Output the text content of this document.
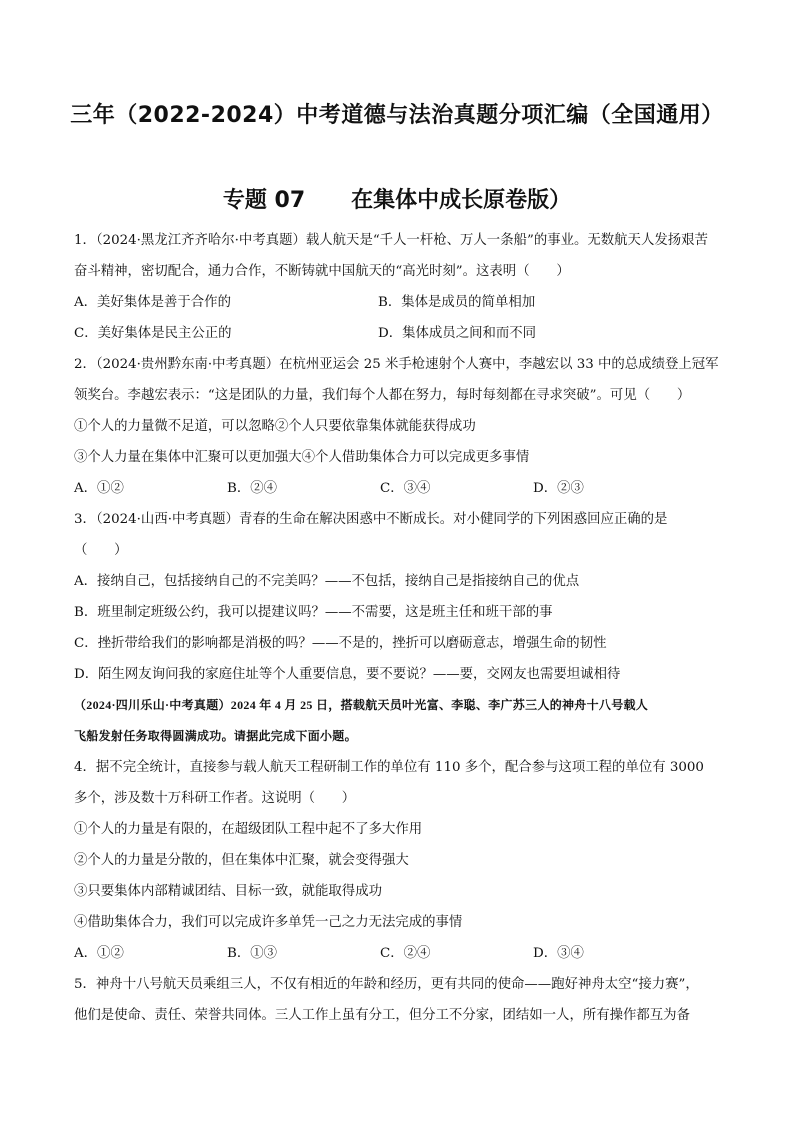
三年（2022-2024）中考道德与法治真题分项汇编（全国通用）
专题 07      在集体中成长原卷版）
1．（2024·黑龙江齐齐哈尔·中考真题）载人航天是“千人一杆枪、万人一条船”的事业。无数航天人发扬艰苦
奋斗精神，密切配合，通力合作，不断铸就中国航天的“高光时刻”。这表明（　　）
A．美好集体是善于合作的	B．集体是成员的简单相加
C．美好集体是民主公正的	D．集体成员之间和而不同
2．（2024·贵州黔东南·中考真题）在杭州亚运会 25 米手枪速射个人赛中，李越宏以 33 中的总成绩登上冠军
领奖台。李越宏表示：“这是团队的力量，我们每个人都在努力，每时每刻都在寻求突破”。可见（　　）
①个人的力量微不足道，可以忽略②个人只要依靠集体就能获得成功
③个人力量在集体中汇聚可以更加强大④个人借助集体合力可以完成更多事情
A．①②	B．②④	C．③④	D．②③
3．（2024·山西·中考真题）青春的生命在解决困惑中不断成长。对小健同学的下列困惑回应正确的是
（　　）
A．接纳自己，包括接纳自己的不完美吗？——不包括，接纳自己是指接纳自己的优点
B．班里制定班级公约，我可以提建议吗？——不需要，这是班主任和班干部的事
C．挫折带给我们的影响都是消极的吗？——不是的，挫折可以磨砺意志，增强生命的韧性
D．陌生网友询问我的家庭住址等个人重要信息，要不要说？——要，交网友也需要坦诚相待
（2024·四川乐山·中考真题）2024 年 4 月 25 日，搭载航天员叶光富、李聪、李广苏三人的神舟十八号载人
飞船发射任务取得圆满成功。请据此完成下面小题。
4．据不完全统计，直接参与载人航天工程研制工作的单位有 110 多个，配合参与这项工程的单位有 3000
多个，涉及数十万科研工作者。这说明（　　）
①个人的力量是有限的，在超级团队工程中起不了多大作用
②个人的力量是分散的，但在集体中汇聚，就会变得强大
③只要集体内部精诚团结、目标一致，就能取得成功
④借助集体合力，我们可以完成许多单凭一己之力无法完成的事情
A．①②	B．①③	C．②④	D．③④
5．神舟十八号航天员乘组三人，不仅有相近的年龄和经历，更有共同的使命——跑好神舟太空“接力赛”，
他们是使命、责任、荣誉共同体。三人工作上虽有分工，但分工不分家，团结如一人，所有操作都互为备
